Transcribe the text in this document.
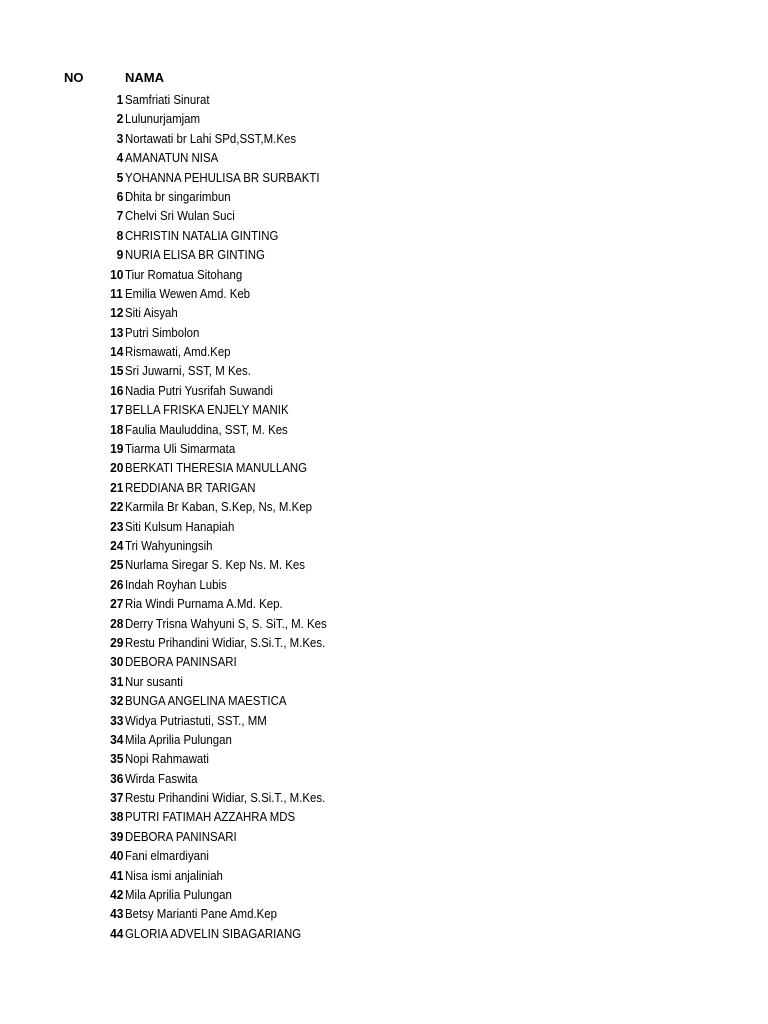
NO	NAMA
1 Samfriati Sinurat
2 Lulunurjamjam
3 Nortawati br Lahi SPd,SST,M.Kes
4 AMANATUN NISA
5 YOHANNA PEHULISA BR SURBAKTI
6 Dhita br singarimbun
7 Chelvi Sri Wulan Suci
8 CHRISTIN NATALIA GINTING
9 NURIA ELISA BR GINTING
10 Tiur Romatua Sitohang
11 Emilia Wewen Amd. Keb
12 Siti Aisyah
13 Putri Simbolon
14 Rismawati, Amd.Kep
15 Sri Juwarni, SST, M Kes.
16 Nadia Putri Yusrifah Suwandi
17 BELLA FRISKA ENJELY MANIK
18 Faulia Mauluddina, SST, M. Kes
19 Tiarma Uli Simarmata
20 BERKATI THERESIA MANULLANG
21 REDDIANA BR TARIGAN
22 Karmila Br Kaban, S.Kep, Ns, M.Kep
23 Siti Kulsum Hanapiah
24 Tri Wahyuningsih
25 Nurlama Siregar S. Kep Ns. M. Kes
26 Indah Royhan Lubis
27 Ria Windi Purnama A.Md. Kep.
28 Derry Trisna Wahyuni S, S. SiT., M. Kes
29 Restu Prihandini Widiar, S.Si.T., M.Kes.
30 DEBORA PANINSARI
31 Nur susanti
32 BUNGA ANGELINA MAESTICA
33 Widya Putriastuti, SST., MM
34 Mila Aprilia Pulungan
35 Nopi Rahmawati
36 Wirda Faswita
37 Restu Prihandini Widiar, S.Si.T., M.Kes.
38 PUTRI FATIMAH AZZAHRA MDS
39 DEBORA PANINSARI
40 Fani elmardiyani
41 Nisa ismi anjaliniah
42 Mila Aprilia Pulungan
43 Betsy Marianti Pane Amd.Kep
44 GLORIA ADVELIN SIBAGARIANG
